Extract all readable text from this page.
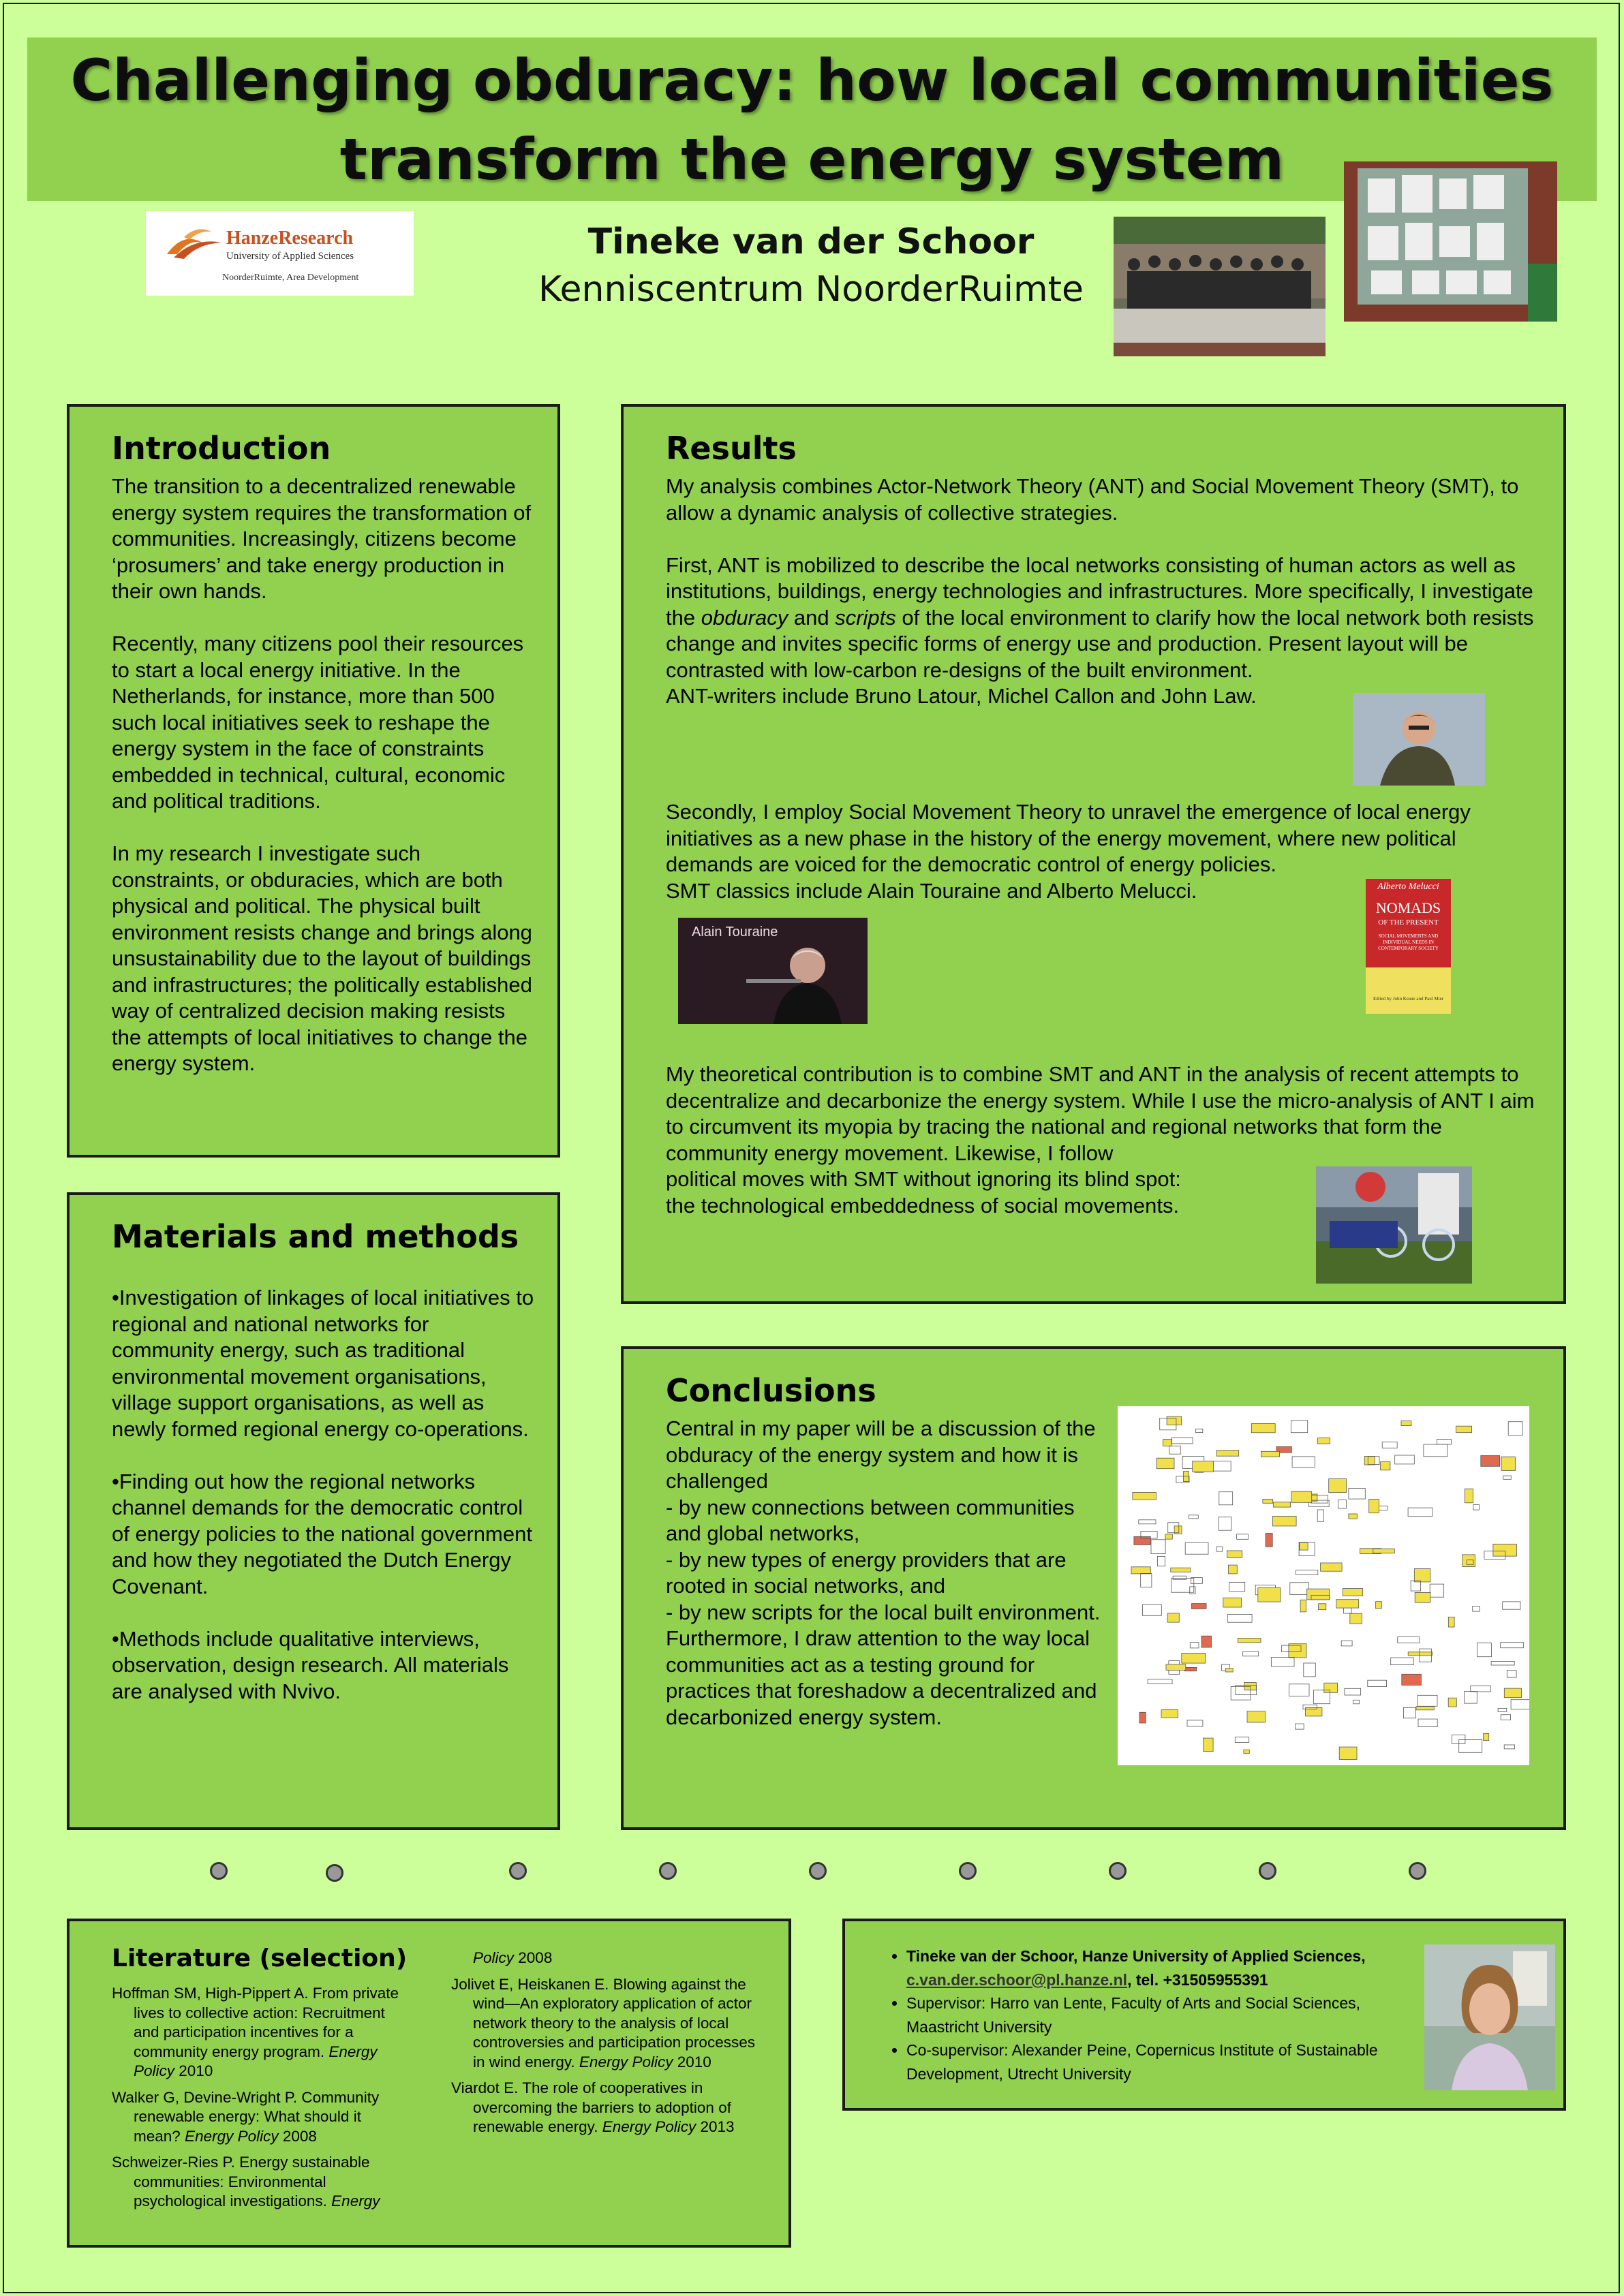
Challenging obduracy: how local communities transform the energy system
HanzeResearch
University of Applied Sciences
NoorderRuimte, Area Development
Tineke van der Schoor
Kenniscentrum NoorderRuimte
Introduction

The transition to a decentralized renewable energy system requires the transformation of communities. Increasingly, citizens become ‘prosumers’ and take energy production in their own hands.

Recently, many citizens pool their resources to start a local energy initiative. In the Netherlands, for instance, more than 500 such local initiatives seek to reshape the energy system in the face of constraints embedded in technical, cultural, economic and political traditions.

In my research I investigate such constraints, or obduracies, which are both physical and political. The physical built environment resists change and brings along unsustainability due to the layout of buildings and infrastructures; the politically established way of centralized decision making resists the attempts of local initiatives to change the energy system.

Materials and methods

•Investigation of linkages of local initiatives to regional and national networks for community energy, such as traditional environmental movement organisations, village support organisations, as well as newly formed regional energy co-operations.

•Finding out how the regional networks channel demands for the democratic control of energy policies to the national government and how they negotiated the Dutch Energy Covenant.

•Methods include qualitative interviews, observation, design research. All materials are analysed with Nvivo.

Results

My analysis combines Actor-Network Theory (ANT) and Social Movement Theory (SMT), to allow a dynamic analysis of collective strategies.

First, ANT is mobilized to describe the local networks consisting of human actors as well as institutions, buildings, energy technologies and infrastructures. More specifically, I investigate the obduracy and scripts of the local environment to clarify how the local network both resists change and invites specific forms of energy use and production. Present layout will be contrasted with low-carbon re-designs of the built environment.

ANT-writers include Bruno Latour, Michel Callon and John Law.

Secondly, I employ Social Movement Theory to unravel the emergence of local energy initiatives as a new phase in the history of the energy movement, where new political demands are voiced for the democratic control of energy policies.

SMT classics include Alain Touraine and Alberto Melucci.

Alain Touraine
Alberto Melucci
NOMADS
OF THE PRESENT
SOCIAL MOVEMENTS AND INDIVIDUAL NEEDS IN CONTEMPORARY SOCIETY
Edited by John Keane and Paul Mier

My theoretical contribution is to combine SMT and ANT in the analysis of recent attempts to decentralize and decarbonize the energy system. While I use the micro-analysis of ANT I aim to circumvent its myopia by tracing the national and regional networks that form the community energy movement. Likewise, I follow

political moves with SMT without ignoring its blind spot:

the technological embeddedness of social movements.

Conclusions

Central in my paper will be a discussion of the obduracy of the energy system and how it is challenged

- by new connections between communities and global networks,

- by new types of energy providers that are rooted in social networks, and

- by new scripts for the local built environment.

Furthermore, I draw attention to the way local communities act as a testing ground for practices that foreshadow a decentralized and decarbonized energy system.

Literature (selection)

Hoffman SM, High-Pippert A. From private lives to collective action: Recruitment and participation incentives for a community energy program. Energy Policy 2010

Walker G, Devine-Wright P. Community renewable energy: What should it mean? Energy Policy 2008

Schweizer-Ries P. Energy sustainable communities: Environmental psychological investigations. Energy

Policy 2008

Jolivet E, Heiskanen E. Blowing against the wind—An exploratory application of actor network theory to the analysis of local controversies and participation processes in wind energy. Energy Policy 2010

Viardot E. The role of cooperatives in overcoming the barriers to adoption of renewable energy. Energy Policy 2013

• Tineke van der Schoor, Hanze University of Applied Sciences,
c.van.der.schoor@pl.hanze.nl, tel. +31505955391
• Supervisor: Harro van Lente, Faculty of Arts and Social Sciences, Maastricht University
• Co-supervisor: Alexander Peine, Copernicus Institute of Sustainable Development, Utrecht University
